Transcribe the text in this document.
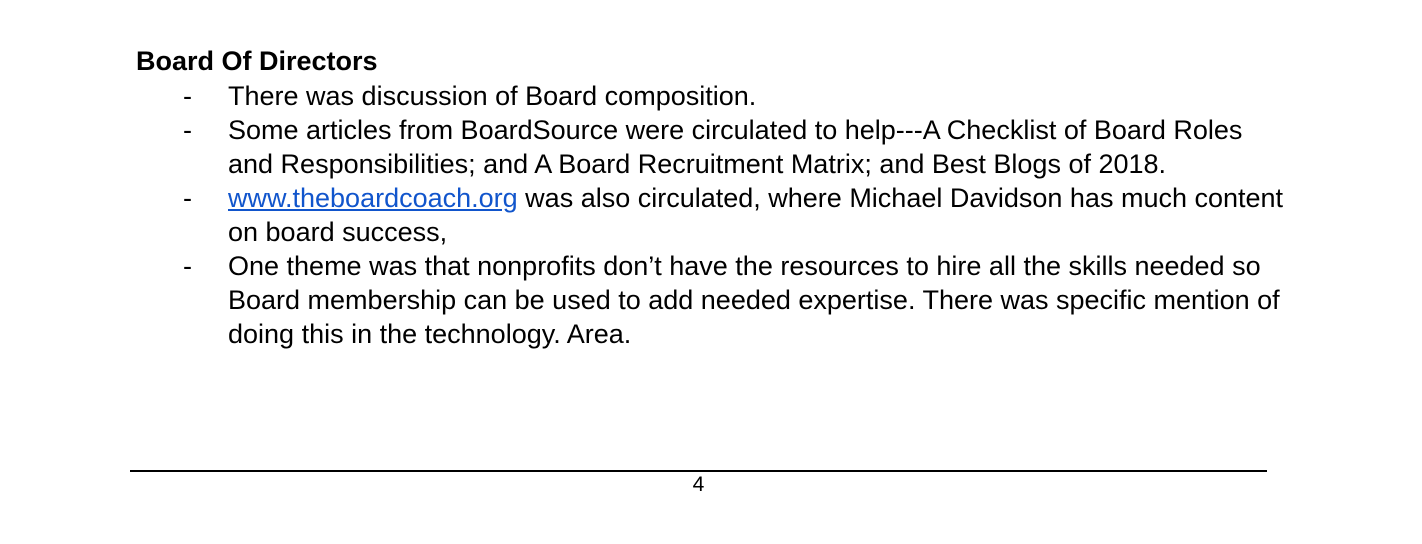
Board Of Directors
- There was discussion of Board composition.
- Some articles from BoardSource were circulated to help---A Checklist of Board Roles and Responsibilities; and A Board Recruitment Matrix; and Best Blogs of 2018.
- www.theboardcoach.org was also circulated, where Michael Davidson has much content on board success,
- One theme was that nonprofits don’t have the resources to hire all the skills needed so Board membership can be used to add needed expertise. There was specific mention of doing this in the technology. Area.
4
